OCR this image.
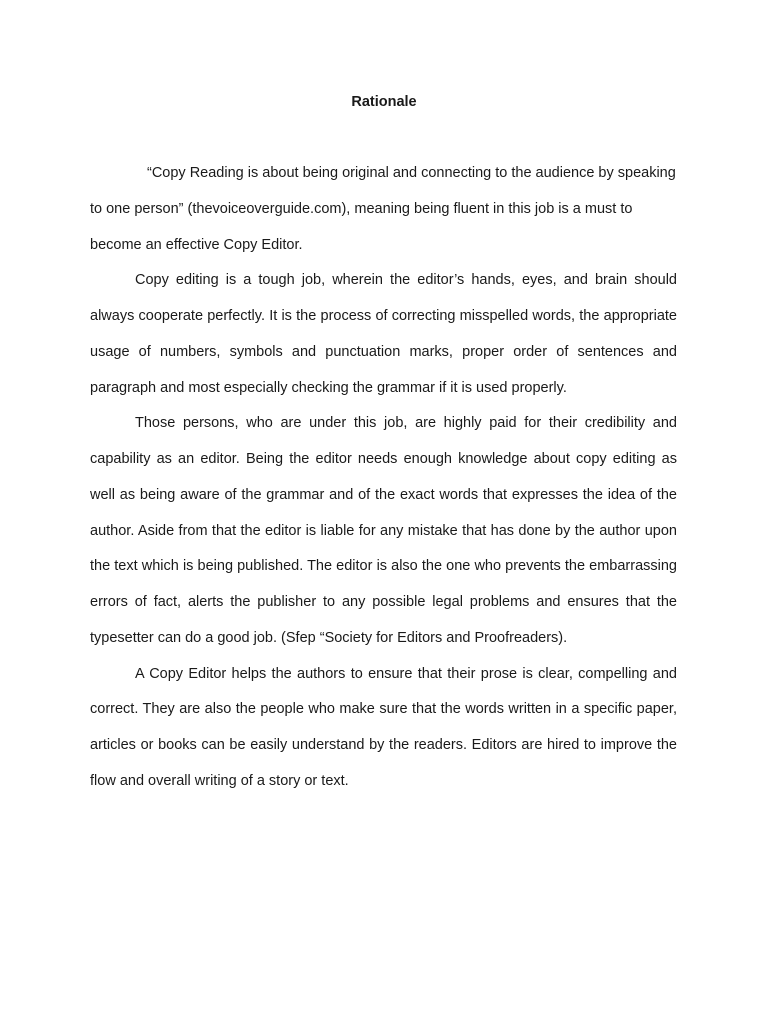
Rationale

“Copy Reading is about being original and connecting to the audience by speaking to one person” (thevoiceoverguide.com), meaning being fluent in this job is a must to become an effective Copy Editor.

Copy editing is a tough job, wherein the editor’s hands, eyes, and brain should always cooperate perfectly. It is the process of correcting misspelled words, the appropriate usage of numbers, symbols and punctuation marks, proper order of sentences and paragraph and most especially checking the grammar if it is used properly.

Those persons, who are under this job, are highly paid for their credibility and capability as an editor. Being the editor needs enough knowledge about copy editing as well as being aware of the grammar and of the exact words that expresses the idea of the author. Aside from that the editor is liable for any mistake that has done by the author upon the text which is being published. The editor is also the one who prevents the embarrassing errors of fact, alerts the publisher to any possible legal problems and ensures that the typesetter can do a good job. (Sfep “Society for Editors and Proofreaders).

A Copy Editor helps the authors to ensure that their prose is clear, compelling and correct. They are also the people who make sure that the words written in a specific paper, articles or books can be easily understand by the readers. Editors are hired to improve the flow and overall writing of a story or text.
